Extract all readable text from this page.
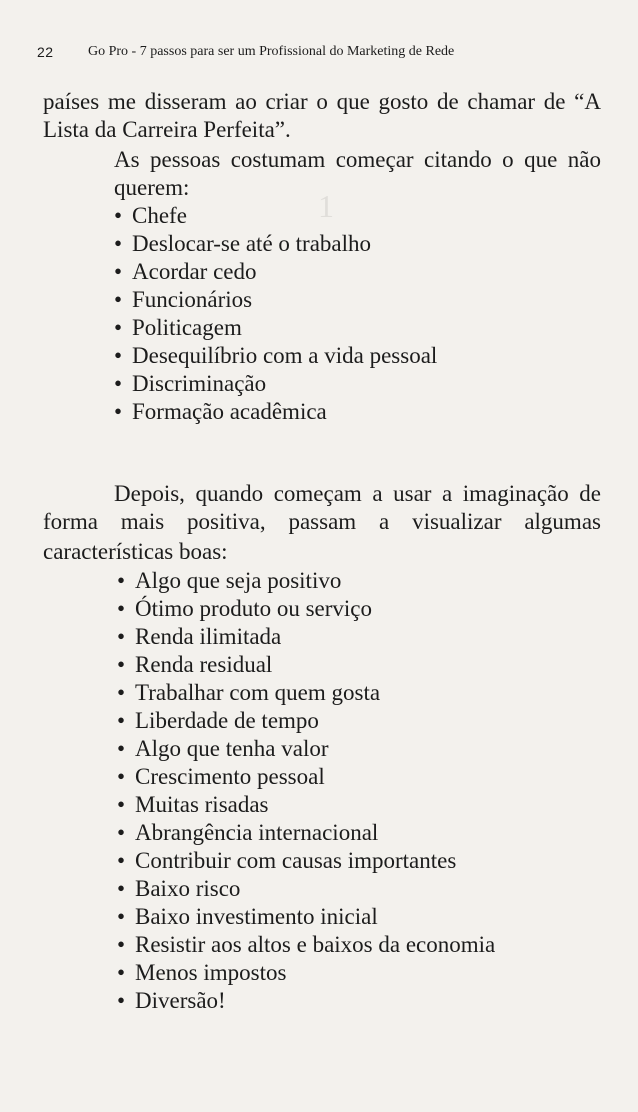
1
22 Go Pro - 7 passos para ser um Profissional do Marketing de Rede
países me disseram ao criar o que gosto de chamar de “A
Lista da Carreira Perfeita”.
As pessoas costumam começar citando o que não
querem:
• Chefe
• Deslocar-se até o trabalho
• Acordar cedo
• Funcionários
• Politicagem
• Desequilíbrio com a vida pessoal
• Discriminação
• Formação acadêmica
Depois, quando começam a usar a imaginação de
forma mais positiva, passam a visualizar algumas
características boas:
• Algo que seja positivo
• Ótimo produto ou serviço
• Renda ilimitada
• Renda residual
• Trabalhar com quem gosta
• Liberdade de tempo
• Algo que tenha valor
• Crescimento pessoal
• Muitas risadas
• Abrangência internacional
• Contribuir com causas importantes
• Baixo risco
• Baixo investimento inicial
• Resistir aos altos e baixos da economia
• Menos impostos
• Diversão!
